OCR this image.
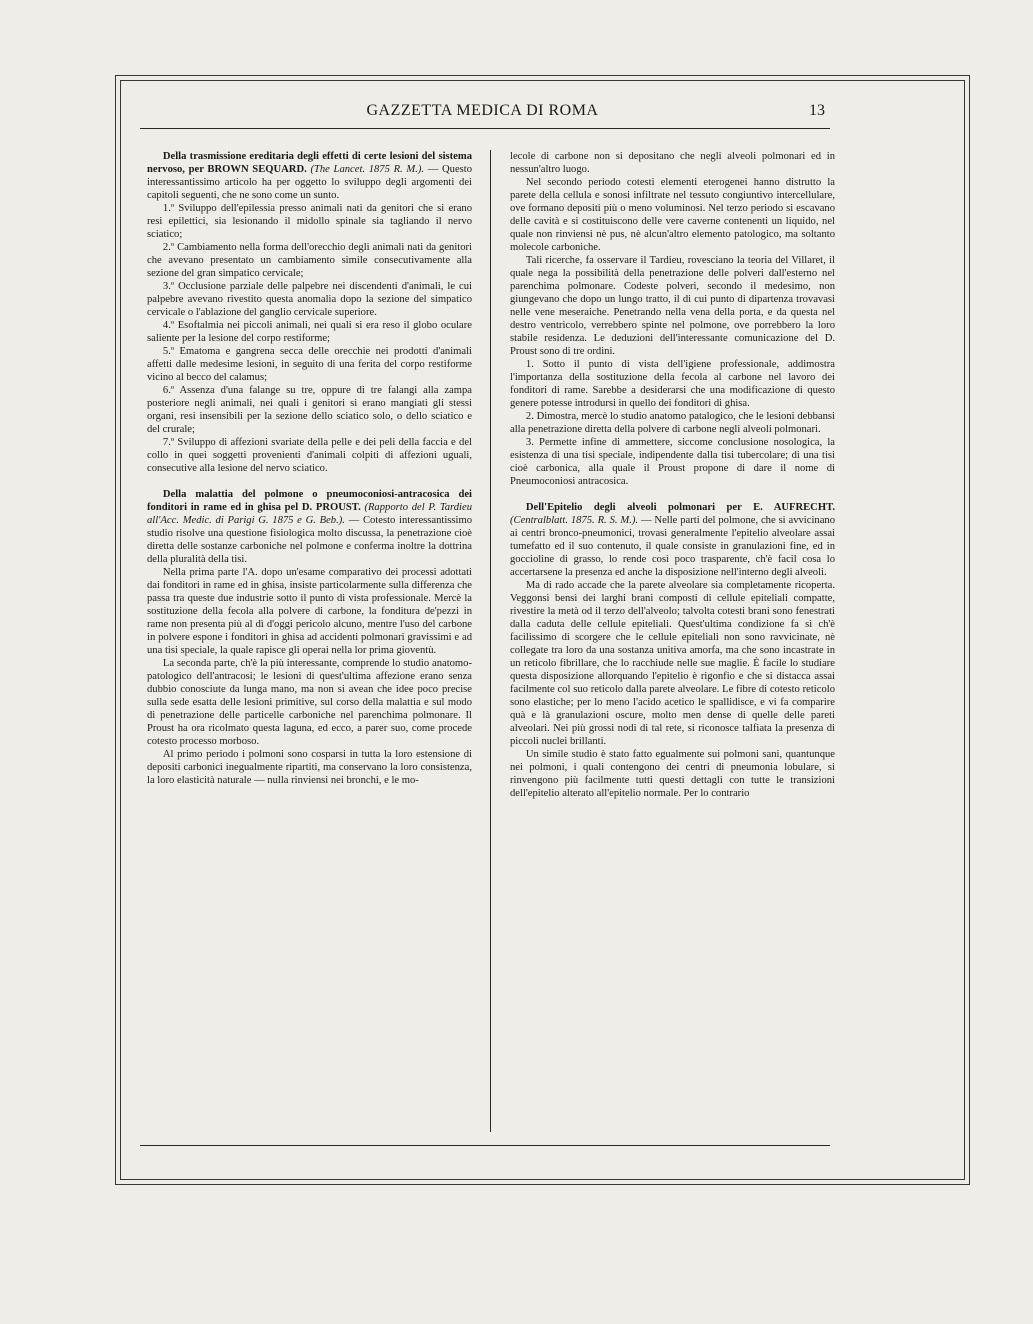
GAZZETTA MEDICA DI ROMA	13

Della trasmissione ereditaria degli effetti di certe lesioni del sistema nervoso, per BROWN SEQUARD. (The Lancet. 1875 R. M.). — Questo interessantissimo articolo ha per oggetto lo sviluppo degli argomenti dei capitoli seguenti, che ne sono come un sunto.

1.º Sviluppo dell'epilessia presso animali nati da genitori che si erano resi epilettici, sia lesionando il midollo spinale sia tagliando il nervo sciatico;

2.º Cambiamento nella forma dell'orecchio degli animali nati da genitori che avevano presentato un cambiamento simile consecutivamente alla sezione del gran simpatico cervicale;

3.º Occlusione parziale delle palpebre nei discendenti d'animali, le cui palpebre avevano rivestito questa anomalia dopo la sezione del simpatico cervicale o l'ablazione del ganglio cervicale superiore.

4.º Esoftalmia nei piccoli animali, nei quali si era reso il globo oculare saliente per la lesione del corpo restiforme;

5.º Ematoma e gangrena secca delle orecchie nei prodotti d'animali affetti dalle medesime lesioni, in seguito di una ferita del corpo restiforme vicino al becco del calamus;

6.º Assenza d'una falange su tre, oppure di tre falangi alla zampa posteriore negli animali, nei quali i genitori si erano mangiati gli stessi organi, resi insensibili per la sezione dello sciatico solo, o dello sciatico e del crurale;

7.º Sviluppo di affezioni svariate della pelle e dei peli della faccia e del collo in quei soggetti provenienti d'animali colpiti di affezioni uguali, consecutive alla lesione del nervo sciatico.

Della malattia del polmone o pneumoconiosi-antracosica dei fonditori in rame ed in ghisa pel D. PROUST. (Rapporto del P. Tardieu all'Acc. Medic. di Parigi G. 1875 e G. Beb.). — Cotesto interessantissimo studio risolve una questione fisiologica molto discussa, la penetrazione cioè diretta delle sostanze carboniche nel polmone e conferma inoltre la dottrina della pluralità della tisi.

Nella prima parte l'A. dopo un'esame comparativo dei processi adottati dai fonditori in rame ed in ghisa, insiste particolarmente sulla differenza che passa tra queste due industrie sotto il punto di vista professionale. Mercè la sostituzione della fecola alla polvere di carbone, la fonditura de'pezzi in rame non presenta più al dì d'oggi pericolo alcuno, mentre l'uso del carbone in polvere espone i fonditori in ghisa ad accidenti polmonari gravissimi e ad una tisi speciale, la quale rapisce gli operai nella lor prima gioventù.

La seconda parte, ch'è la più interessante, comprende lo studio anatomo-patologico dell'antracosi; le lesioni di quest'ultima affezione erano senza dubbio conosciute da lunga mano, ma non si avean che idee poco precise sulla sede esatta delle lesioni primitive, sul corso della malattia e sul modo di penetrazione delle particelle carboniche nel parenchima polmonare. Il Proust ha ora ricolmato questa laguna, ed ecco, a parer suo, come procede cotesto processo morboso.

Al primo periodo i polmoni sono cosparsi in tutta la loro estensione di depositi carbonici inegualmente ripartiti, ma conservano la loro consistenza, la loro elasticità naturale — nulla rinviensi nei bronchi, e le mo-

lecole di carbone non si depositano che negli alveoli polmonari ed in nessun'altro luogo.

Nel secondo periodo cotesti elementi eterogenei hanno distrutto la parete della cellula e sonosi infiltrate nel tessuto congiuntivo intercellulare, ove formano depositi più o meno voluminosi. Nel terzo periodo si escavano delle cavità e si costituiscono delle vere caverne contenenti un liquido, nel quale non rinviensi nè pus, nè alcun'altro elemento patologico, ma soltanto molecole carboniche.

Tali ricerche, fa osservare il Tardieu, rovesciano la teoria del Villaret, il quale nega la possibilità della penetrazione delle polveri dall'esterno nel parenchima polmonare. Codeste polveri, secondo il medesimo, non giungevano che dopo un lungo tratto, il di cui punto di dipartenza trovavasi nelle vene meseraiche. Penetrando nella vena della porta, e da questa nel destro ventricolo, verrebbero spinte nel polmone, ove porrebbero la loro stabile residenza. Le deduzioni dell'interessante comunicazione del D. Proust sono di tre ordini.

1. Sotto il punto di vista dell'igiene professionale, addimostra l'importanza della sostituzione della fecola al carbone nel lavoro dei fonditori di rame. Sarebbe a desiderarsi che una modificazione di questo genere potesse introdursi in quello dei fonditori di ghisa.

2. Dimostra, mercè lo studio anatomo patalogico, che le lesioni debbansi alla penetrazione diretta della polvere di carbone negli alveoli polmonari.

3. Permette infine di ammettere, siccome conclusione nosologica, la esistenza di una tisi speciale, indipendente dalla tisi tubercolare; di una tisi cioè carbonica, alla quale il Proust propone di dare il nome di Pneumoconiosi antracosica.

Dell'Epitelio degli alveoli polmonari per E. AUFRECHT. (Centralblatt. 1875. R. S. M.). — Nelle parti del polmone, che si avvicinano ai centri bronco-pneumonici, trovasi generalmente l'epitelio alveolare assai tumefatto ed il suo contenuto, il quale consiste in granulazioni fine, ed in goccioline di grasso, lo rende così poco trasparente, ch'è facil cosa lo accertarsene la presenza ed anche la disposizione nell'interno degli alveoli.

Ma di rado accade che la parete alveolare sia completamente ricoperta. Veggonsi bensì dei larghi brani composti di cellule epiteliali compatte, rivestire la metà od il terzo dell'alveolo; talvolta cotesti brani sono fenestrati dalla caduta delle cellule epiteliali. Quest'ultima condizione fa sì ch'è facilissimo di scorgere che le cellule epiteliali non sono ravvicinate, nè collegate tra loro da una sostanza unitiva amorfa, ma che sono incastrate in un reticolo fibrillare, che lo racchiude nelle sue maglie. È facile lo studiare questa disposizione allorquando l'epitelio è rigonfio e che si distacca assai facilmente col suo reticolo dalla parete alveolare. Le fibre di cotesto reticolo sono elastiche; per lo meno l'acido acetico le spallidisce, e vi fa comparire quà e là granulazioni oscure, molto men dense di quelle delle pareti alveolari. Nei più grossi nodi di tal rete, si riconosce talfiata la presenza di piccoli nuclei brillanti.

Un simile studio è stato fatto egualmente sui polmoni sani, quantunque nei polmoni, i quali contengono dei centri di pneumonia lobulare, si rinvengono più facilmente tutti questi dettagli con tutte le transizioni dell'epitelio alterato all'epitelio normale. Per lo contrario
